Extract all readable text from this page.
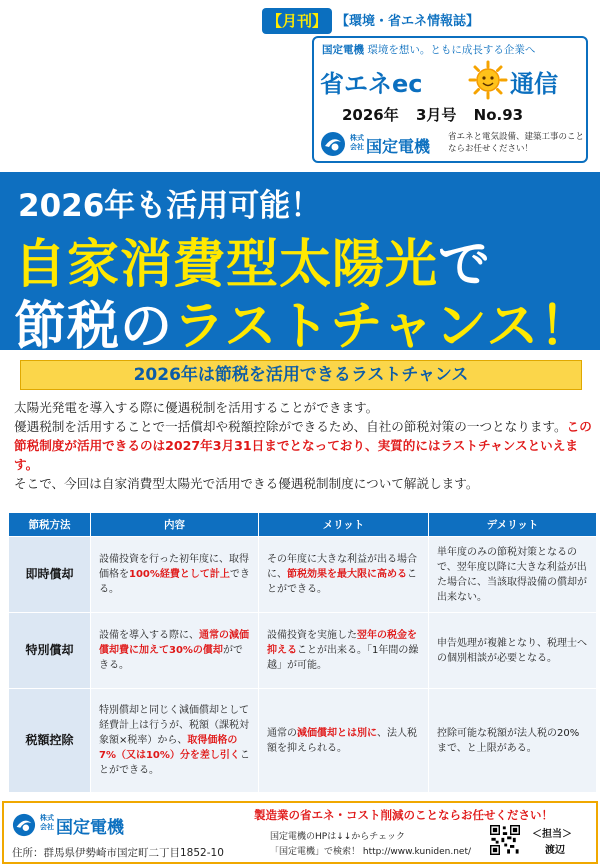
【月刊】 【環境・省エネ情報誌】
国定電機 環境を想い。ともに成長する企業へ
省エネec	通信
2026年 3月号 No.93
株式会社 国定電機 省エネと電気設備、建築工事のことならお任せください！
2026年も活用可能！
自家消費型太陽光で
節税のラストチャンス！
2026年は節税を活用できるラストチャンス
太陽光発電を導入する際に優遇税制を活用することができます。
優遇税制を活用することで一括償却や税額控除ができるため、自社の節税対策の一つとなります。この節税制度が活用できるのは2027年3月31日までとなっており、実質的にはラストチャンスといえます。
そこで、今回は自家消費型太陽光で活用できる優遇税制制度について解説します。
節税方法	内容	メリット	デメリット
即時償却	設備投資を行った初年度に、取得価格を100%経費として計上できる。	その年度に大きな利益が出る場合に、節税効果を最大限に高めることができる。	単年度のみの節税対策となるので、翌年度以降に大きな利益が出た場合に、当該取得設備の償却が出来ない。
特別償却	設備を導入する際に、通常の減価償却費に加えて30%の償却ができる。	設備投資を実施した翌年の税金を抑えることが出来る。「1年間の繰越」が可能。	申告処理が複雑となり、税理士への個別相談が必要となる。
税額控除	特別償却と同じく減価償却として経費計上は行うが、税額（課税対象額×税率）から、取得価格の7%（又は10%）分を差し引くことができる。	通常の減価償却とは別に、法人税額を抑えられる。	控除可能な税額が法人税の20%まで、と上限がある。
株式会社 国定電機
住所：群馬県伊勢崎市国定町二丁目1852-10
製造業の省エネ・コスト削減のことならお任せください！
国定電機のHPは↓↓からチェック
「国定電機」で検索！ http://www.kuniden.net/
＜担当＞
渡辺
